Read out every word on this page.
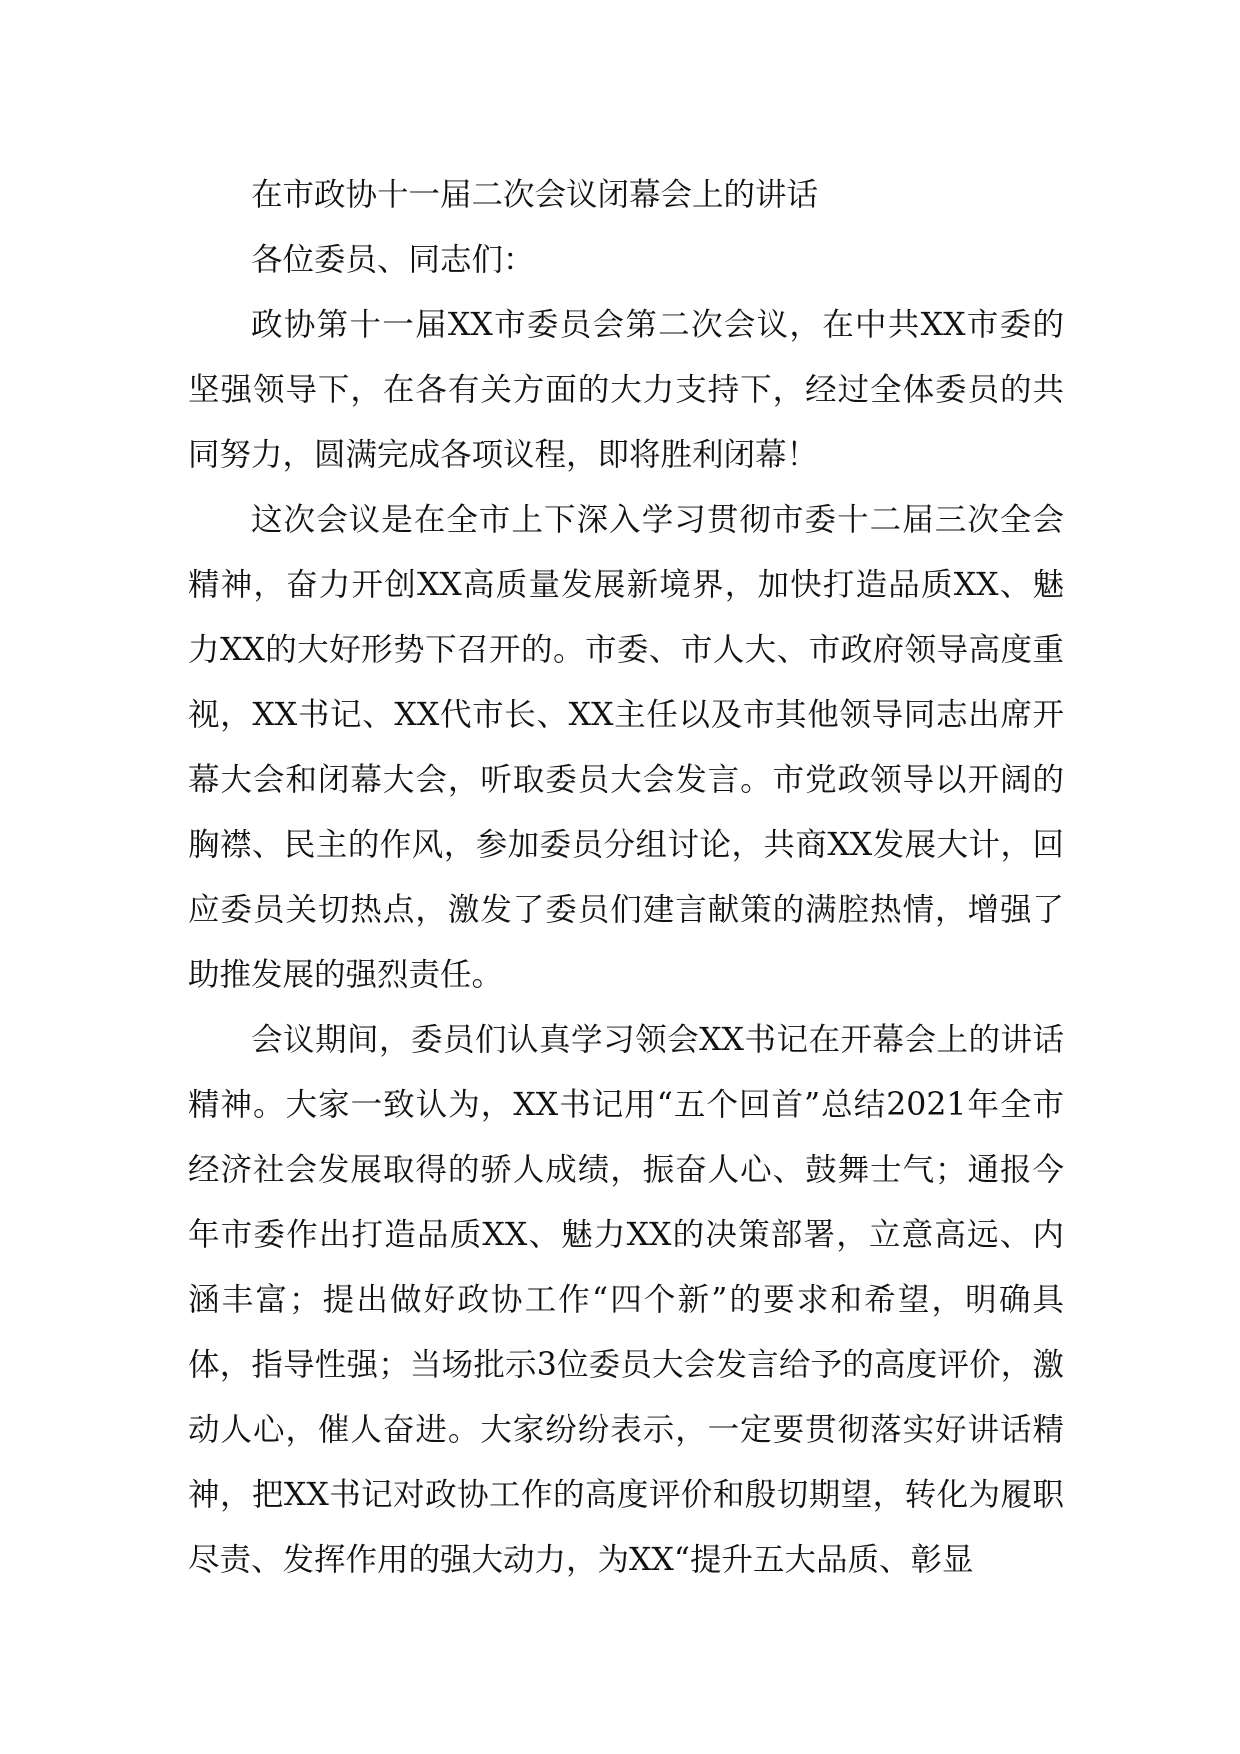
在市政协十一届二次会议闭幕会上的讲话

各位委员、同志们：

政协第十一届XX市委员会第二次会议，在中共XX市委的坚强领导下，在各有关方面的大力支持下，经过全体委员的共同努力，圆满完成各项议程，即将胜利闭幕！

这次会议是在全市上下深入学习贯彻市委十二届三次全会精神，奋力开创XX高质量发展新境界，加快打造品质XX、魅力XX的大好形势下召开的。市委、市人大、市政府领导高度重视，XX书记、XX代市长、XX主任以及市其他领导同志出席开幕大会和闭幕大会，听取委员大会发言。市党政领导以开阔的胸襟、民主的作风，参加委员分组讨论，共商XX发展大计，回应委员关切热点，激发了委员们建言献策的满腔热情，增强了助推发展的强烈责任。

会议期间，委员们认真学习领会XX书记在开幕会上的讲话精神。大家一致认为，XX书记用“五个回首”总结2021年全市经济社会发展取得的骄人成绩，振奋人心、鼓舞士气；通报今年市委作出打造品质XX、魅力XX的决策部署，立意高远、内涵丰富；提出做好政协工作“四个新”的要求和希望，明确具体，指导性强；当场批示3位委员大会发言给予的高度评价，激动人心，催人奋进。大家纷纷表示，一定要贯彻落实好讲话精神，把XX书记对政协工作的高度评价和殷切期望，转化为履职尽责、发挥作用的强大动力，为XX“提升五大品质、彰显
